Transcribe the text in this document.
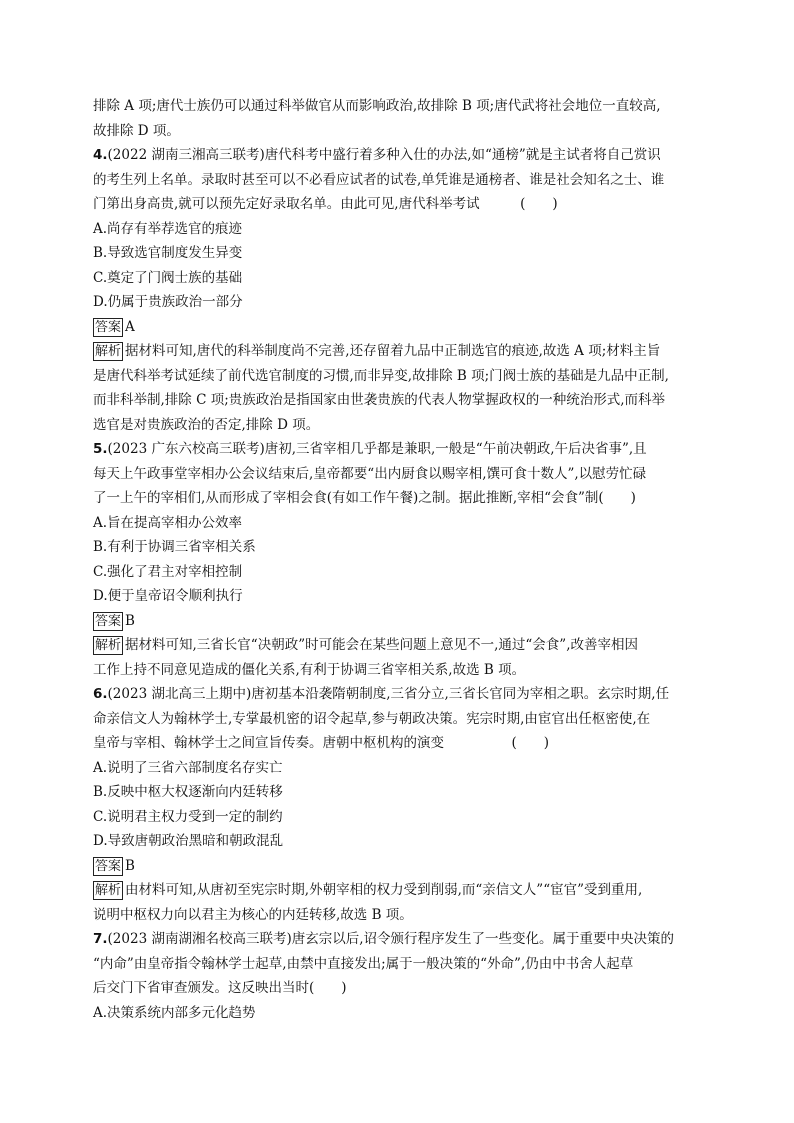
排除 A 项;唐代士族仍可以通过科举做官从而影响政治,故排除 B 项;唐代武将社会地位一直较高,
故排除 D 项。
4.(2022 湖南三湘高三联考)唐代科考中盛行着多种入仕的办法,如“通榜”就是主试者将自己赏识
的考生列上名单。录取时甚至可以不必看应试者的试卷,单凭谁是通榜者、谁是社会知名之士、谁
门第出身高贵,就可以预先定好录取名单。由此可见,唐代科举考试　　　(　　)
A.尚存有举荐选官的痕迹
B.导致选官制度发生异变
C.奠定了门阀士族的基础
D.仍属于贵族政治一部分
答案 A
解析 据材料可知,唐代的科举制度尚不完善,还存留着九品中正制选官的痕迹,故选 A 项;材料主旨
是唐代科举考试延续了前代选官制度的习惯,而非异变,故排除 B 项;门阀士族的基础是九品中正制,
而非科举制,排除 C 项;贵族政治是指国家由世袭贵族的代表人物掌握政权的一种统治形式,而科举
选官是对贵族政治的否定,排除 D 项。
5.(2023 广东六校高三联考)唐初,三省宰相几乎都是兼职,一般是“午前决朝政,午后决省事”,且
每天上午政事堂宰相办公会议结束后,皇帝都要“出内厨食以赐宰相,馔可食十数人”,以慰劳忙碌
了一上午的宰相们,从而形成了宰相会食(有如工作午餐)之制。据此推断,宰相“会食”制(　　)
A.旨在提高宰相办公效率
B.有利于协调三省宰相关系
C.强化了君主对宰相控制
D.便于皇帝诏令顺利执行
答案 B
解析 据材料可知,三省长官“决朝政”时可能会在某些问题上意见不一,通过“会食”,改善宰相因
工作上持不同意见造成的僵化关系,有利于协调三省宰相关系,故选 B 项。
6.(2023 湖北高三上期中)唐初基本沿袭隋朝制度,三省分立,三省长官同为宰相之职。玄宗时期,任
命亲信文人为翰林学士,专掌最机密的诏令起草,参与朝政决策。宪宗时期,由宦官出任枢密使,在
皇帝与宰相、翰林学士之间宣旨传奏。唐朝中枢机构的演变　　　　　(　　)
A.说明了三省六部制度名存实亡
B.反映中枢大权逐渐向内廷转移
C.说明君主权力受到一定的制约
D.导致唐朝政治黑暗和朝政混乱
答案 B
解析 由材料可知,从唐初至宪宗时期,外朝宰相的权力受到削弱,而“亲信文人”“宦官”受到重用,
说明中枢权力向以君主为核心的内廷转移,故选 B 项。
7.(2023 湖南湖湘名校高三联考)唐玄宗以后,诏令颁行程序发生了一些变化。属于重要中央决策的
“内命”由皇帝指令翰林学士起草,由禁中直接发出;属于一般决策的“外命”,仍由中书舍人起草
后交门下省审查颁发。这反映出当时(　　)
A.决策系统内部多元化趋势
